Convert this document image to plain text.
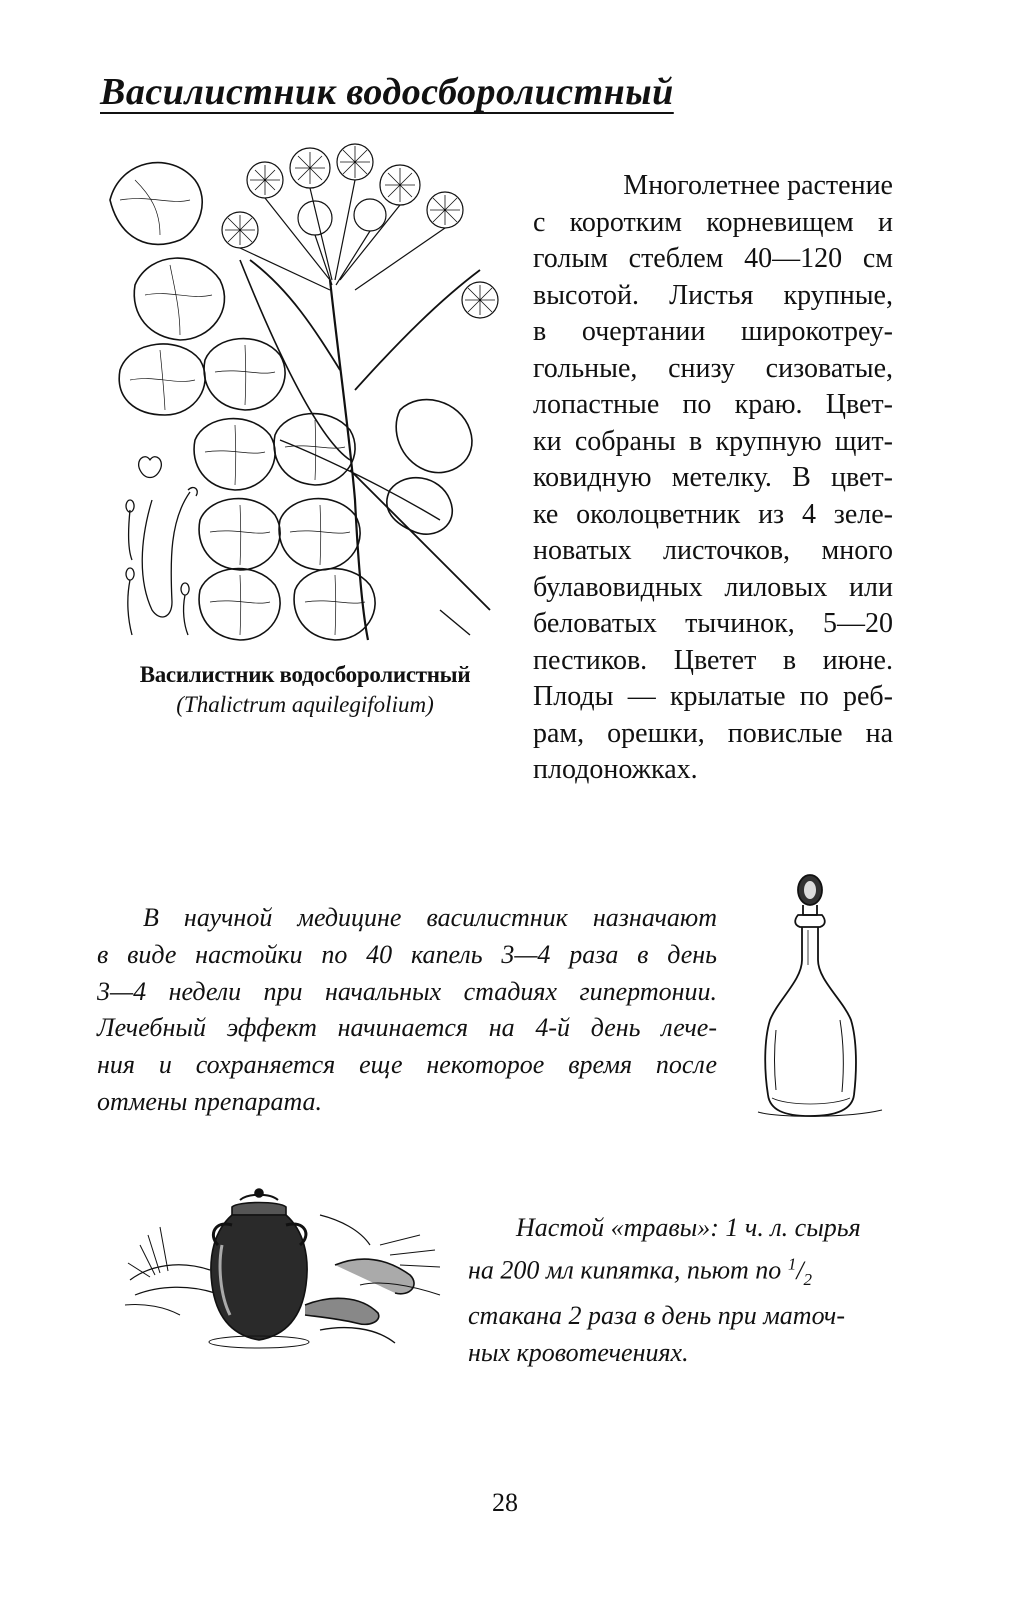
Василистник водосборолистный
Василистник водосборолистный
(Thalictrum aquilegifolium)
Многолетнее растение
с коротким корневищем и
голым стеблем 40—120 см
высотой. Листья крупные,
в очертании широкотреу-
гольные, снизу сизоватые,
лопастные по краю. Цвет-
ки собраны в крупную щит-
ковидную метелку. В цвет-
ке околоцветник из 4 зеле-
новатых листочков, много
булавовидных лиловых или
беловатых тычинок, 5—20
пестиков. Цветет в июне.
Плоды — крылатые по реб-
рам, орешки, повислые на
плодоножках.
В научной медицине василистник назначают
в виде настойки по 40 капель 3—4 раза в день
3—4 недели при начальных стадиях гипертонии.
Лечебный эффект начинается на 4-й день лече-
ния и сохраняется еще некоторое время после
отмены препарата.
Настой «травы»: 1 ч. л. сырья
на 200 мл кипятка, пьют по $^1/_2$
стакана 2 раза в день при маточ-
ных кровотечениях.
28
